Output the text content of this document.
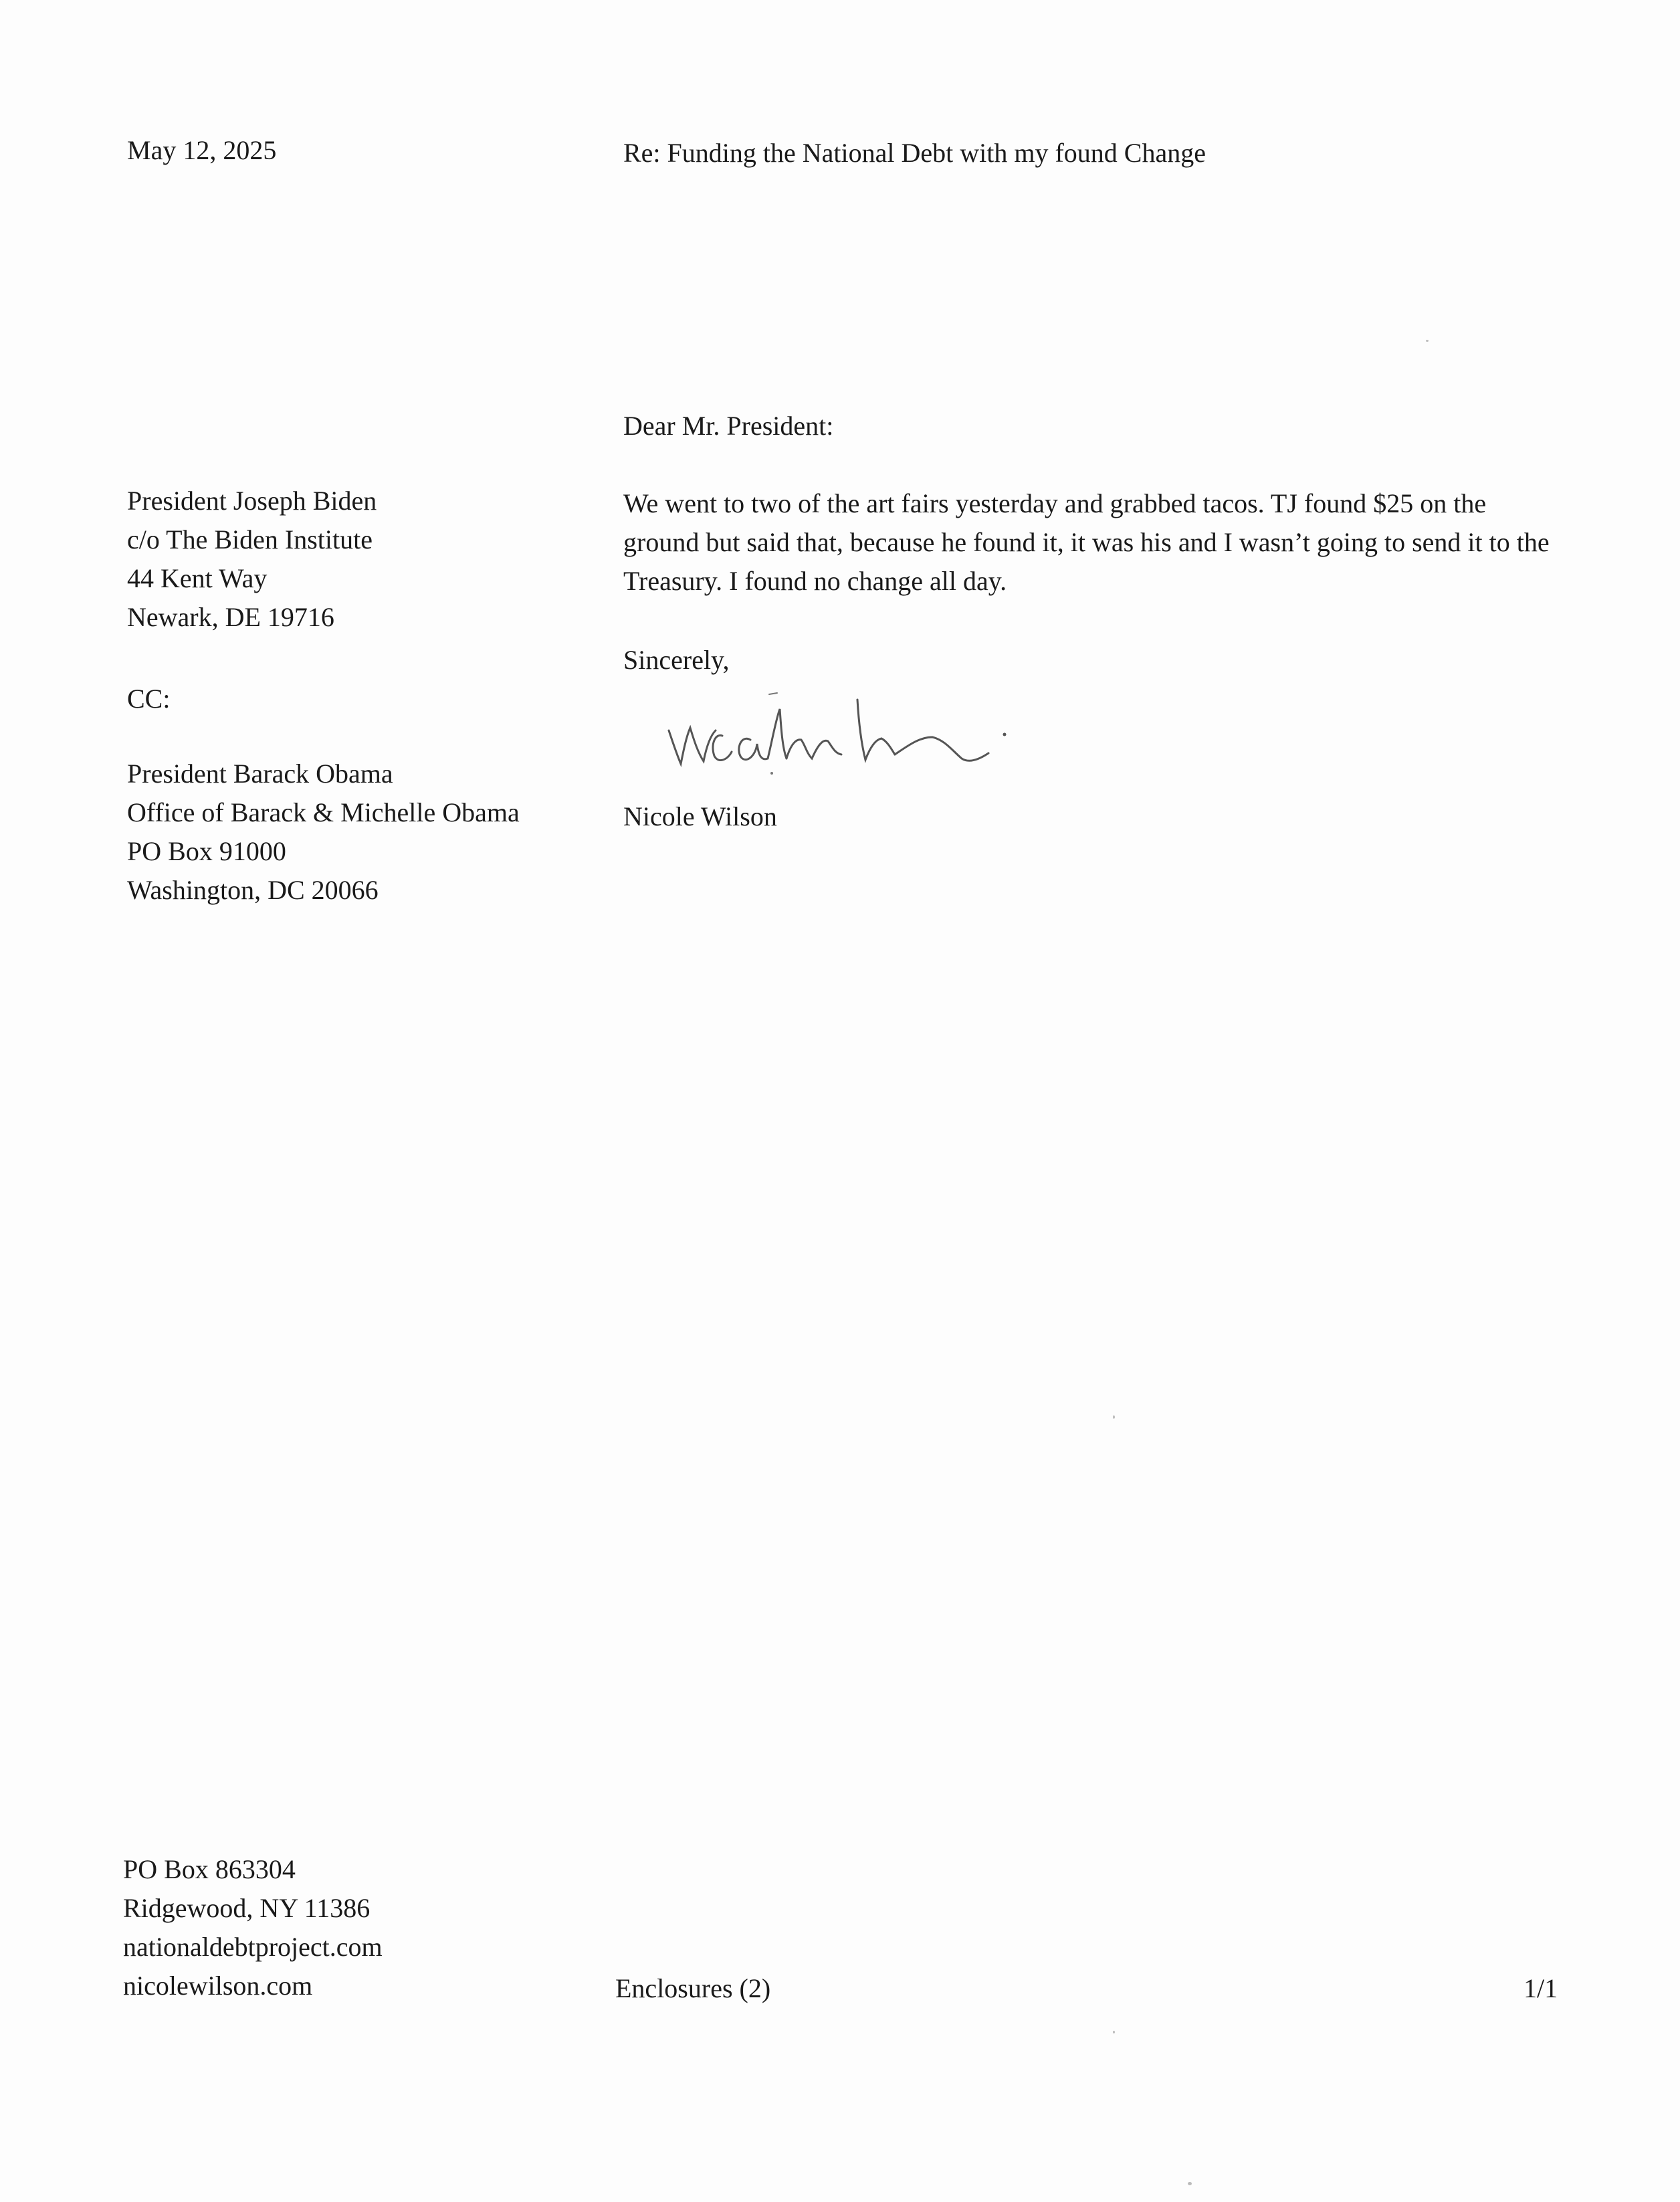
May 12, 2025	Re: Funding the National Debt with my found Change

Dear Mr. President:

President Joseph Biden
c/o The Biden Institute
44 Kent Way
Newark, DE 19716

CC:

President Barack Obama
Office of Barack & Michelle Obama
PO Box 91000
Washington, DC 20066

We went to two of the art fairs yesterday and grabbed tacos. TJ found $25 on the ground but said that, because he found it, it was his and I wasn’t going to send it to the Treasury. I found no change all day.

Sincerely,

Nicole Wilson

PO Box 863304
Ridgewood, NY 11386
nationaldebtproject.com
nicolewilson.com	Enclosures (2)	1/1
